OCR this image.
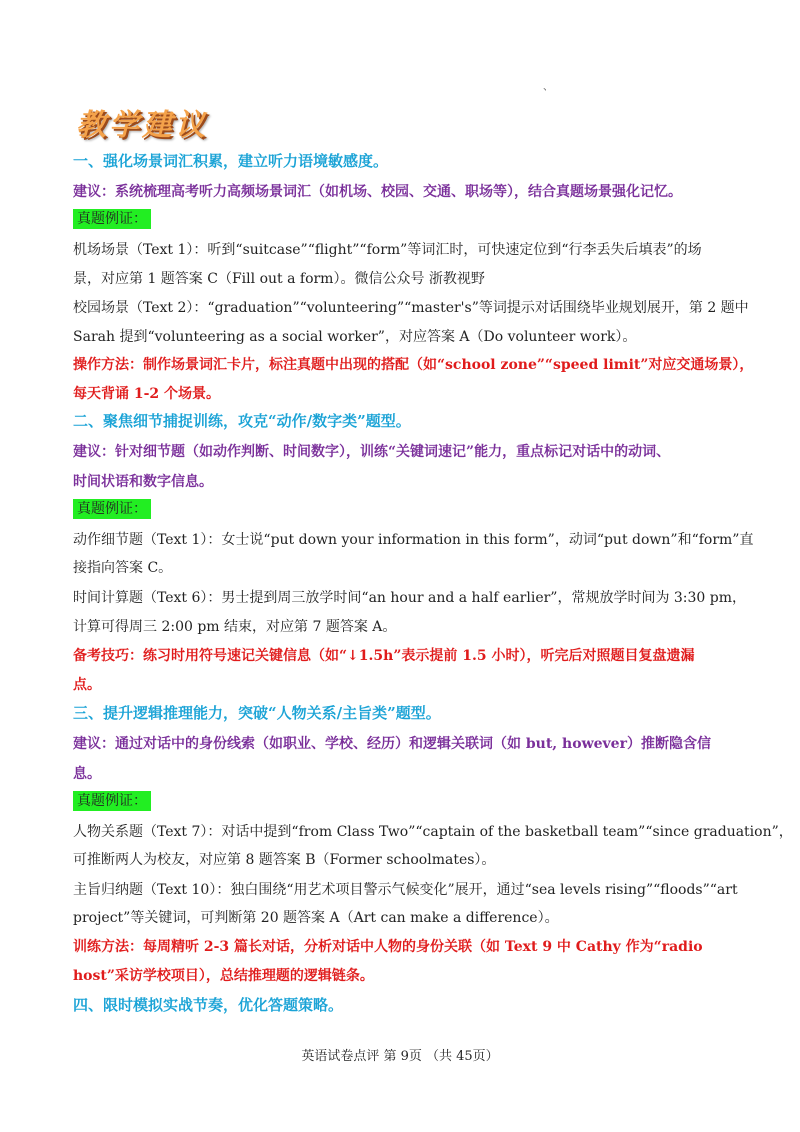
、
教学建议
一、强化场景词汇积累，建立听力语境敏感度。
建议：系统梳理高考听力高频场景词汇（如机场、校园、交通、职场等），结合真题场景强化记忆。
真题例证：
机场场景（Text 1）：听到“suitcase”“flight”“form”等词汇时，可快速定位到“行李丢失后填表”的场
景，对应第 1 题答案 C（Fill out a form）。微信公众号 浙教视野
校园场景（Text 2）：“graduation”“volunteering”“master's”等词提示对话围绕毕业规划展开，第 2 题中
Sarah 提到“volunteering as a social worker”，对应答案 A（Do volunteer work）。
操作方法：制作场景词汇卡片，标注真题中出现的搭配（如“school zone”“speed limit”对应交通场景），
每天背诵 1-2 个场景。
二、聚焦细节捕捉训练，攻克“动作/数字类”题型。
建议：针对细节题（如动作判断、时间数字），训练“关键词速记”能力，重点标记对话中的动词、
时间状语和数字信息。
真题例证：
动作细节题（Text 1）：女士说“put down your information in this form”，动词“put down”和“form”直
接指向答案 C。
时间计算题（Text 6）：男士提到周三放学时间“an hour and a half earlier”，常规放学时间为 3:30 pm，
计算可得周三 2:00 pm 结束，对应第 7 题答案 A。
备考技巧：练习时用符号速记关键信息（如“↓1.5h”表示提前 1.5 小时），听完后对照题目复盘遗漏
点。
三、提升逻辑推理能力，突破“人物关系/主旨类”题型。
建议：通过对话中的身份线索（如职业、学校、经历）和逻辑关联词（如 but, however）推断隐含信
息。
真题例证：
人物关系题（Text 7）：对话中提到“from Class Two”“captain of the basketball team”“since graduation”，
可推断两人为校友，对应第 8 题答案 B（Former schoolmates）。
主旨归纳题（Text 10）：独白围绕“用艺术项目警示气候变化”展开，通过“sea levels rising”“floods”“art
project”等关键词，可判断第 20 题答案 A（Art can make a difference）。
训练方法：每周精听 2-3 篇长对话，分析对话中人物的身份关联（如 Text 9 中 Cathy 作为“radio
host”采访学校项目），总结推理题的逻辑链条。
四、限时模拟实战节奏，优化答题策略。
英语试卷点评 第 9页 （共 45页）
